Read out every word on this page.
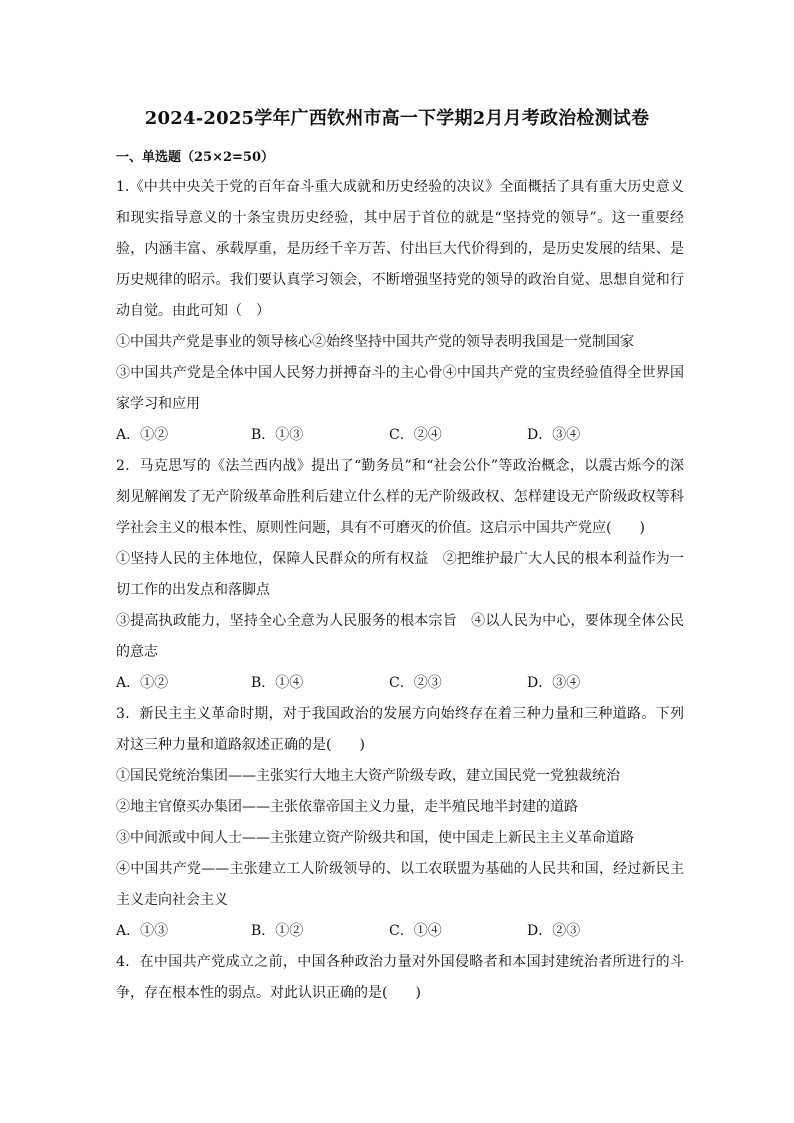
2024-2025学年广西钦州市高一下学期2月月考政治检测试卷
一、单选题（25×2=50）

1.《中共中央关于党的百年奋斗重大成就和历史经验的决议》全面概括了具有重大历史意义和现实指导意义的十条宝贵历史经验，其中居于首位的就是“坚持党的领导”。这一重要经验，内涵丰富、承载厚重，是历经千辛万苦、付出巨大代价得到的，是历史发展的结果、是历史规律的昭示。我们要认真学习领会，不断增强坚持党的领导的政治自觉、思想自觉和行动自觉。由此可知（　）

①中国共产党是事业的领导核心②始终坚持中国共产党的领导表明我国是一党制国家

③中国共产党是全体中国人民努力拼搏奋斗的主心骨④中国共产党的宝贵经验值得全世界国家学习和应用

A．①②	B．①③	C．②④	D．③④

2．马克思写的《法兰西内战》提出了“勤务员”和“社会公仆”等政治概念，以震古烁今的深刻见解阐发了无产阶级革命胜利后建立什么样的无产阶级政权、怎样建设无产阶级政权等科学社会主义的根本性、原则性问题，具有不可磨灭的价值。这启示中国共产党应(　　)

①坚持人民的主体地位，保障人民群众的所有权益　②把维护最广大人民的根本利益作为一切工作的出发点和落脚点

③提高执政能力，坚持全心全意为人民服务的根本宗旨　④以人民为中心，要体现全体公民的意志

A．①②	B．①④	C．②③	D．③④

3．新民主主义革命时期，对于我国政治的发展方向始终存在着三种力量和三种道路。下列对这三种力量和道路叙述正确的是(　　)

①国民党统治集团——主张实行大地主大资产阶级专政，建立国民党一党独裁统治

②地主官僚买办集团——主张依靠帝国主义力量，走半殖民地半封建的道路

③中间派或中间人士——主张建立资产阶级共和国，使中国走上新民主主义革命道路

④中国共产党——主张建立工人阶级领导的、以工农联盟为基础的人民共和国，经过新民主主义走向社会主义

A．①③	B．①②	C．①④	D．②③

4．在中国共产党成立之前，中国各种政治力量对外国侵略者和本国封建统治者所进行的斗争，存在根本性的弱点。对此认识正确的是(　　)
